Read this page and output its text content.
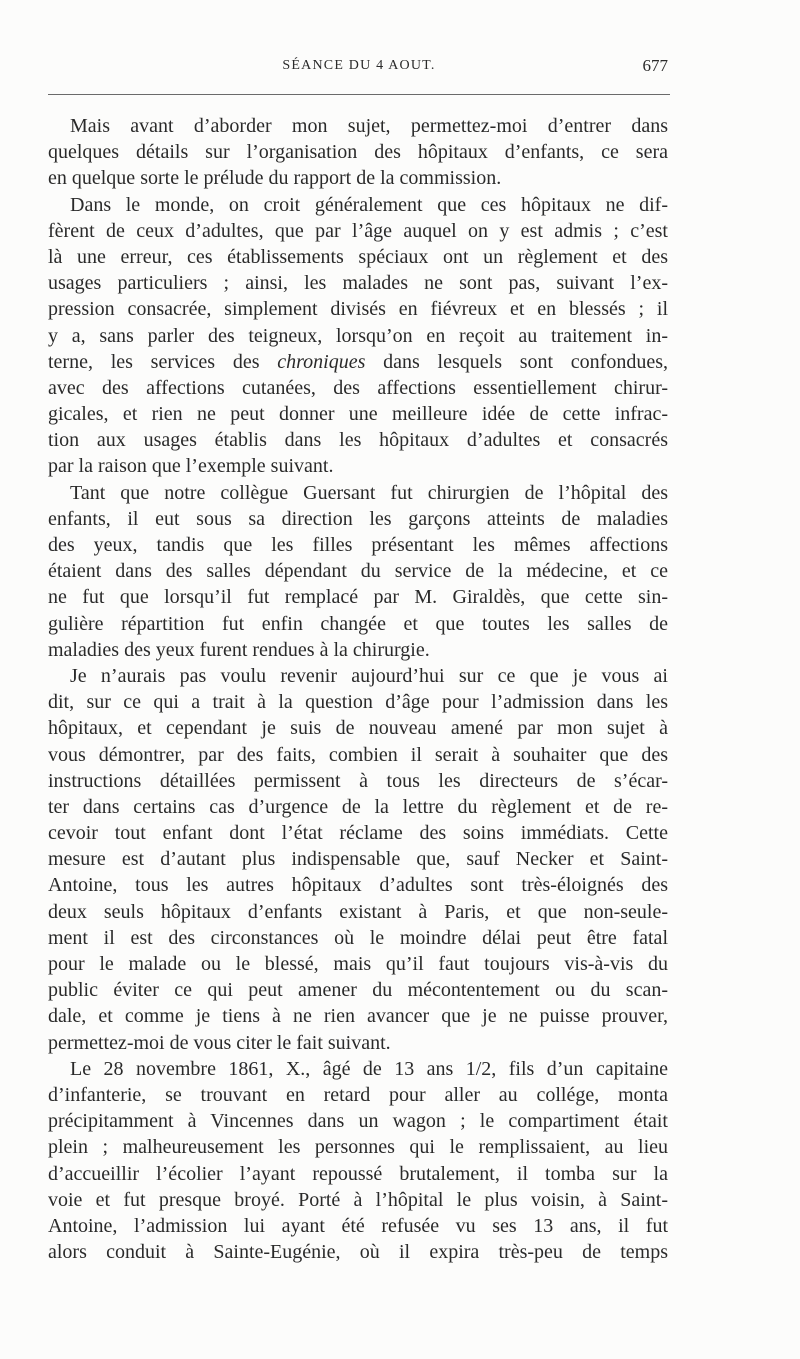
SÉANCE DU 4 AOUT.	677
Mais avant d’aborder mon sujet, permettez-moi d’entrer dans
quelques détails sur l’organisation des hôpitaux d’enfants, ce sera
en quelque sorte le prélude du rapport de la commission.
Dans le monde, on croit généralement que ces hôpitaux ne dif-
fèrent de ceux d’adultes, que par l’âge auquel on y est admis ; c’est
là une erreur, ces établissements spéciaux ont un règlement et des
usages particuliers ; ainsi, les malades ne sont pas, suivant l’ex-
pression consacrée, simplement divisés en fiévreux et en blessés ; il
y a, sans parler des teigneux, lorsqu’on en reçoit au traitement in-
terne, les services des chroniques dans lesquels sont confondues,
avec des affections cutanées, des affections essentiellement chirur-
gicales, et rien ne peut donner une meilleure idée de cette infrac-
tion aux usages établis dans les hôpitaux d’adultes et consacrés
par la raison que l’exemple suivant.
Tant que notre collègue Guersant fut chirurgien de l’hôpital des
enfants, il eut sous sa direction les garçons atteints de maladies
des yeux, tandis que les filles présentant les mêmes affections
étaient dans des salles dépendant du service de la médecine, et ce
ne fut que lorsqu’il fut remplacé par M. Giraldès, que cette sin-
gulière répartition fut enfin changée et que toutes les salles de
maladies des yeux furent rendues à la chirurgie.
Je n’aurais pas voulu revenir aujourd’hui sur ce que je vous ai
dit, sur ce qui a trait à la question d’âge pour l’admission dans les
hôpitaux, et cependant je suis de nouveau amené par mon sujet à
vous démontrer, par des faits, combien il serait à souhaiter que des
instructions détaillées permissent à tous les directeurs de s’écar-
ter dans certains cas d’urgence de la lettre du règlement et de re-
cevoir tout enfant dont l’état réclame des soins immédiats. Cette
mesure est d’autant plus indispensable que, sauf Necker et Saint-
Antoine, tous les autres hôpitaux d’adultes sont très-éloignés des
deux seuls hôpitaux d’enfants existant à Paris, et que non-seule-
ment il est des circonstances où le moindre délai peut être fatal
pour le malade ou le blessé, mais qu’il faut toujours vis-à-vis du
public éviter ce qui peut amener du mécontentement ou du scan-
dale, et comme je tiens à ne rien avancer que je ne puisse prouver,
permettez-moi de vous citer le fait suivant.
Le 28 novembre 1861, X., âgé de 13 ans 1/2, fils d’un capitaine
d’infanterie, se trouvant en retard pour aller au collége, monta
précipitamment à Vincennes dans un wagon ; le compartiment était
plein ; malheureusement les personnes qui le remplissaient, au lieu
d’accueillir l’écolier l’ayant repoussé brutalement, il tomba sur la
voie et fut presque broyé. Porté à l’hôpital le plus voisin, à Saint-
Antoine, l’admission lui ayant été refusée vu ses 13 ans, il fut
alors conduit à Sainte-Eugénie, où il expira très-peu de temps
